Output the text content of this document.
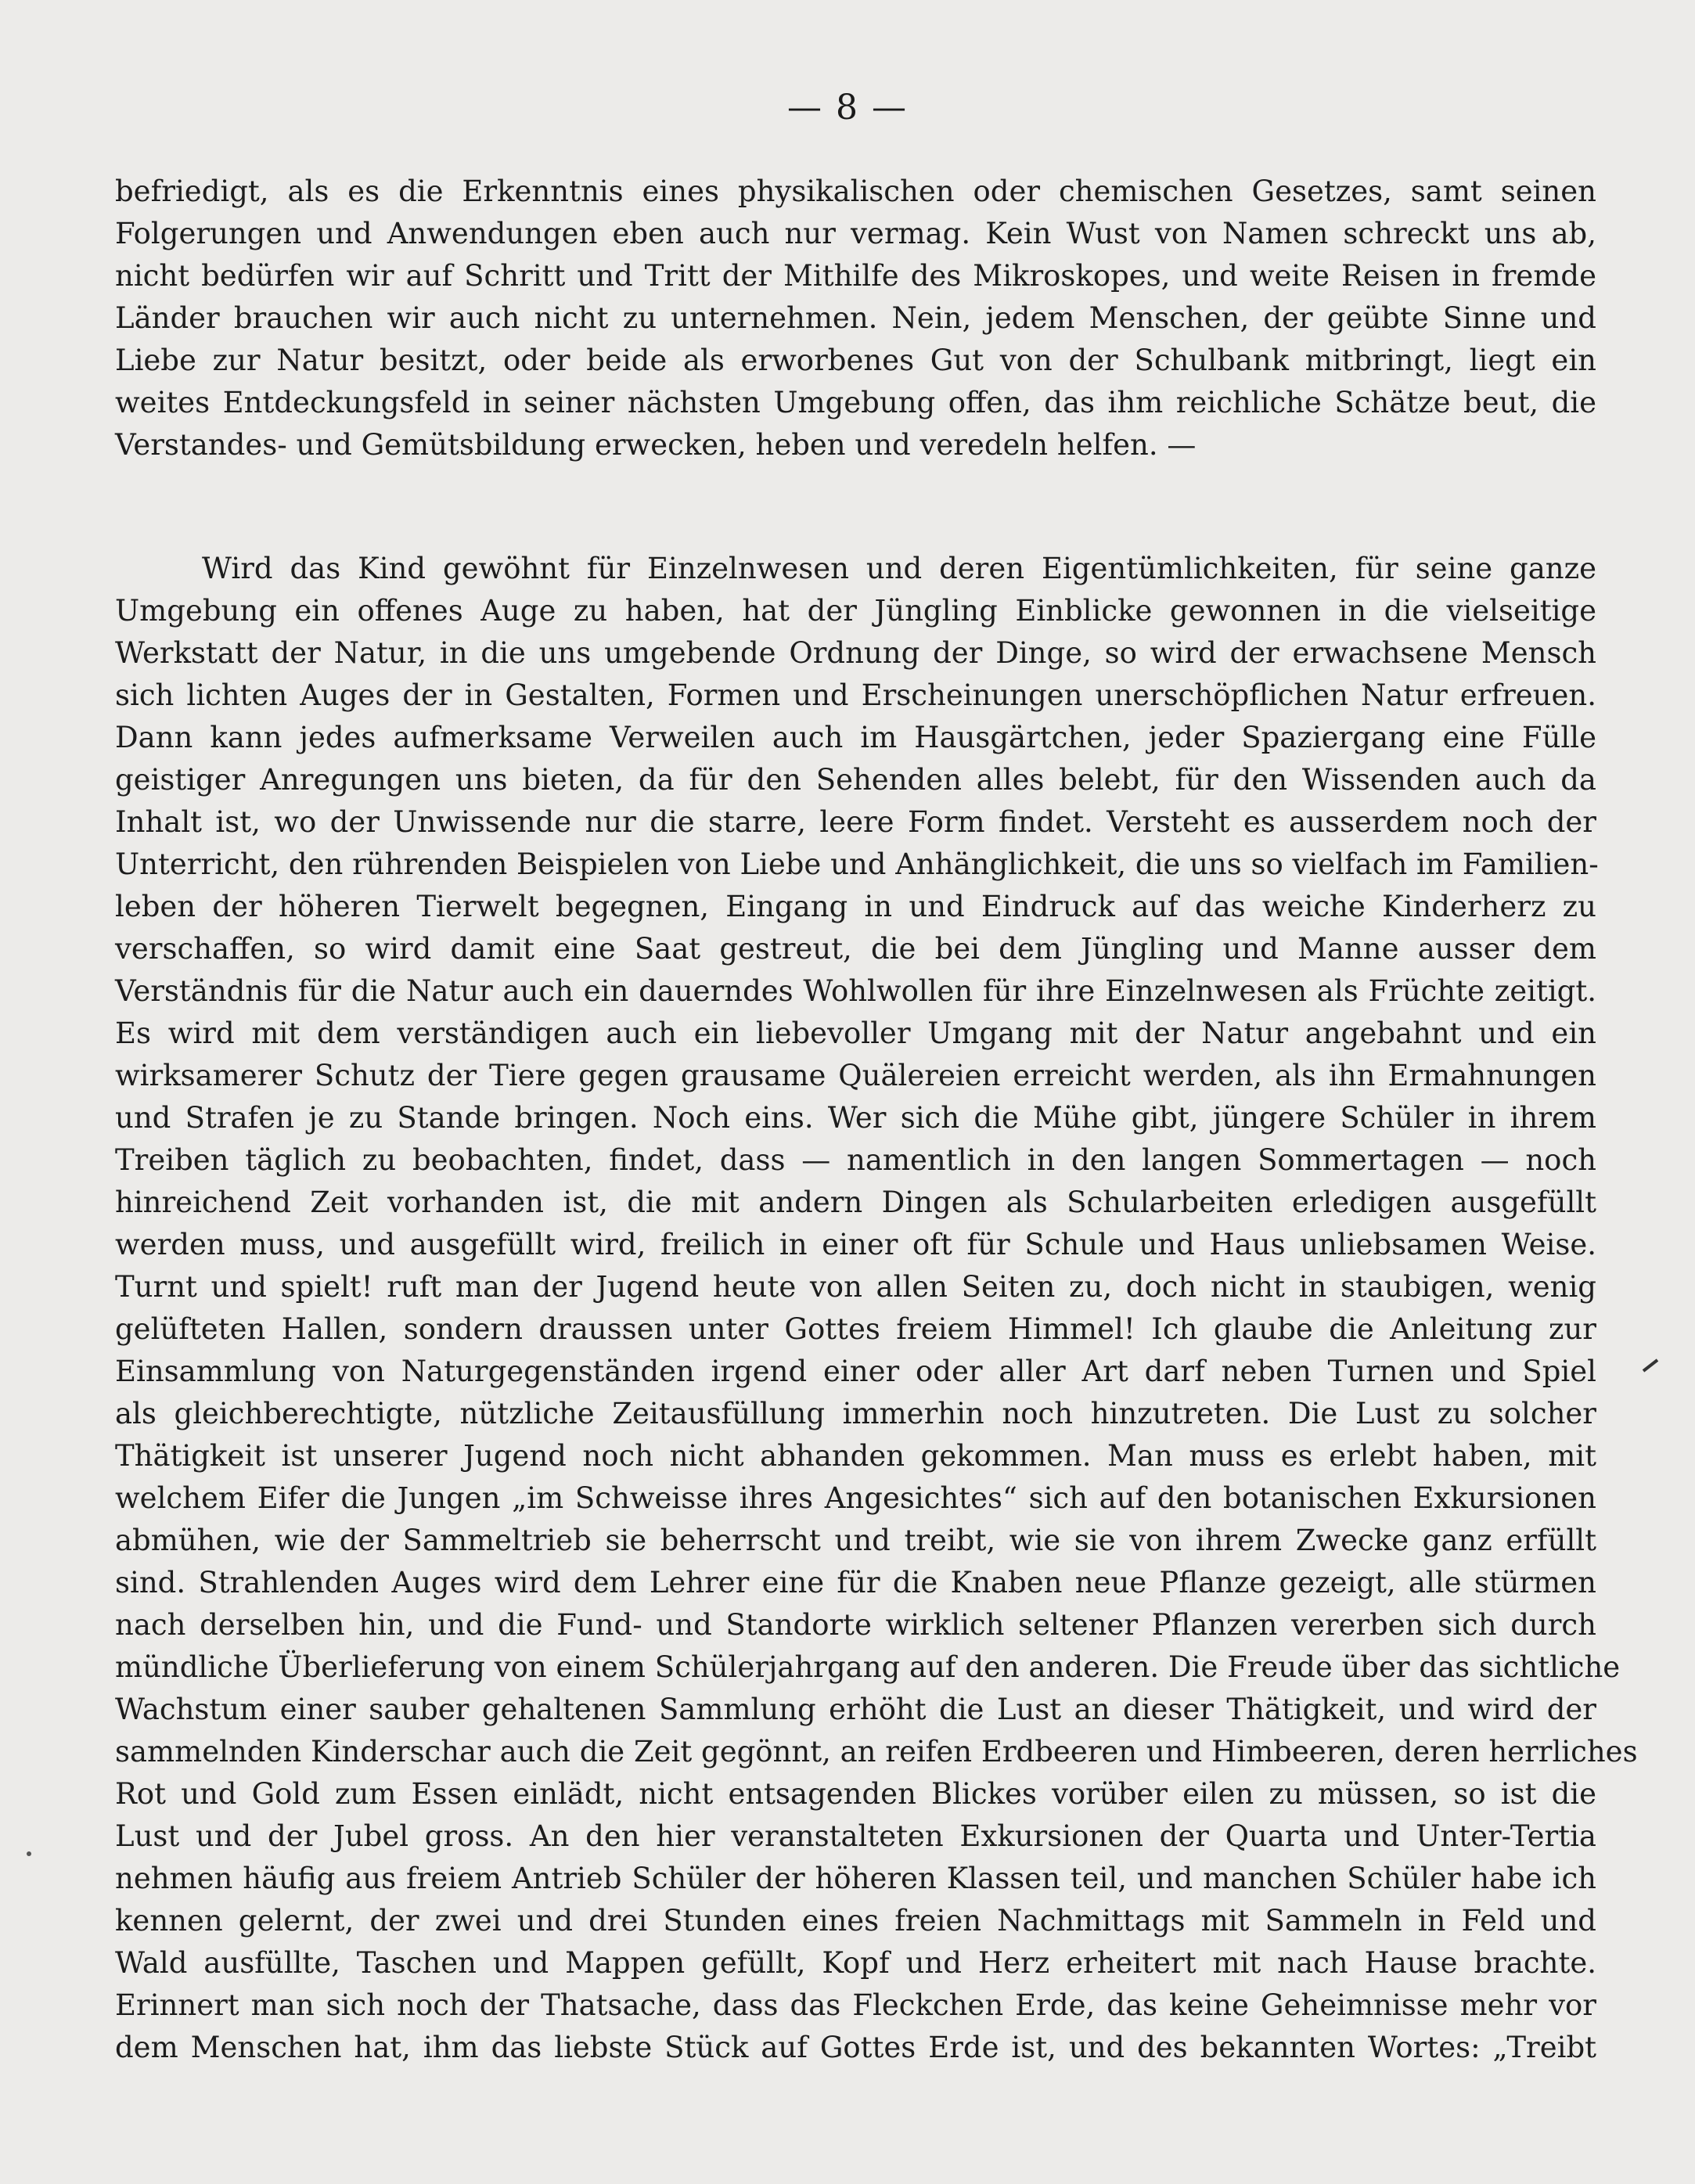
— 8 —
befriedigt, als es die Erkenntnis eines physikalischen oder chemischen Gesetzes, samt seinen
Folgerungen und Anwendungen eben auch nur vermag. Kein Wust von Namen schreckt uns ab,
nicht bedürfen wir auf Schritt und Tritt der Mithilfe des Mikroskopes, und weite Reisen in fremde
Länder brauchen wir auch nicht zu unternehmen. Nein, jedem Menschen, der geübte Sinne und
Liebe zur Natur besitzt, oder beide als erworbenes Gut von der Schulbank mitbringt, liegt ein
weites Entdeckungsfeld in seiner nächsten Umgebung offen, das ihm reichliche Schätze beut, die
Verstandes- und Gemütsbildung erwecken, heben und veredeln helfen. —
Wird das Kind gewöhnt für Einzelnwesen und deren Eigentümlichkeiten, für seine ganze
Umgebung ein offenes Auge zu haben, hat der Jüngling Einblicke gewonnen in die vielseitige
Werkstatt der Natur, in die uns umgebende Ordnung der Dinge, so wird der erwachsene Mensch
sich lichten Auges der in Gestalten, Formen und Erscheinungen unerschöpflichen Natur erfreuen.
Dann kann jedes aufmerksame Verweilen auch im Hausgärtchen, jeder Spaziergang eine Fülle
geistiger Anregungen uns bieten, da für den Sehenden alles belebt, für den Wissenden auch da
Inhalt ist, wo der Unwissende nur die starre, leere Form findet. Versteht es ausserdem noch der
Unterricht, den rührenden Beispielen von Liebe und Anhänglichkeit, die uns so vielfach im Familien-
leben der höheren Tierwelt begegnen, Eingang in und Eindruck auf das weiche Kinderherz zu
verschaffen, so wird damit eine Saat gestreut, die bei dem Jüngling und Manne ausser dem
Verständnis für die Natur auch ein dauerndes Wohlwollen für ihre Einzelnwesen als Früchte zeitigt.
Es wird mit dem verständigen auch ein liebevoller Umgang mit der Natur angebahnt und ein
wirksamerer Schutz der Tiere gegen grausame Quälereien erreicht werden, als ihn Ermahnungen
und Strafen je zu Stande bringen. Noch eins. Wer sich die Mühe gibt, jüngere Schüler in ihrem
Treiben täglich zu beobachten, findet, dass — namentlich in den langen Sommertagen — noch
hinreichend Zeit vorhanden ist, die mit andern Dingen als Schularbeiten erledigen ausgefüllt
werden muss, und ausgefüllt wird, freilich in einer oft für Schule und Haus unliebsamen Weise.
Turnt und spielt! ruft man der Jugend heute von allen Seiten zu, doch nicht in staubigen, wenig
gelüfteten Hallen, sondern draussen unter Gottes freiem Himmel! Ich glaube die Anleitung zur
Einsammlung von Naturgegenständen irgend einer oder aller Art darf neben Turnen und Spiel
als gleichberechtigte, nützliche Zeitausfüllung immerhin noch hinzutreten. Die Lust zu solcher
Thätigkeit ist unserer Jugend noch nicht abhanden gekommen. Man muss es erlebt haben, mit
welchem Eifer die Jungen „im Schweisse ihres Angesichtes“ sich auf den botanischen Exkursionen
abmühen, wie der Sammeltrieb sie beherrscht und treibt, wie sie von ihrem Zwecke ganz erfüllt
sind. Strahlenden Auges wird dem Lehrer eine für die Knaben neue Pflanze gezeigt, alle stürmen
nach derselben hin, und die Fund- und Standorte wirklich seltener Pflanzen vererben sich durch
mündliche Überlieferung von einem Schülerjahrgang auf den anderen. Die Freude über das sichtliche
Wachstum einer sauber gehaltenen Sammlung erhöht die Lust an dieser Thätigkeit, und wird der
sammelnden Kinderschar auch die Zeit gegönnt, an reifen Erdbeeren und Himbeeren, deren herrliches
Rot und Gold zum Essen einlädt, nicht entsagenden Blickes vorüber eilen zu müssen, so ist die
Lust und der Jubel gross. An den hier veranstalteten Exkursionen der Quarta und Unter-Tertia
nehmen häufig aus freiem Antrieb Schüler der höheren Klassen teil, und manchen Schüler habe ich
kennen gelernt, der zwei und drei Stunden eines freien Nachmittags mit Sammeln in Feld und
Wald ausfüllte, Taschen und Mappen gefüllt, Kopf und Herz erheitert mit nach Hause brachte.
Erinnert man sich noch der Thatsache, dass das Fleckchen Erde, das keine Geheimnisse mehr vor
dem Menschen hat, ihm das liebste Stück auf Gottes Erde ist, und des bekannten Wortes: „Treibt
